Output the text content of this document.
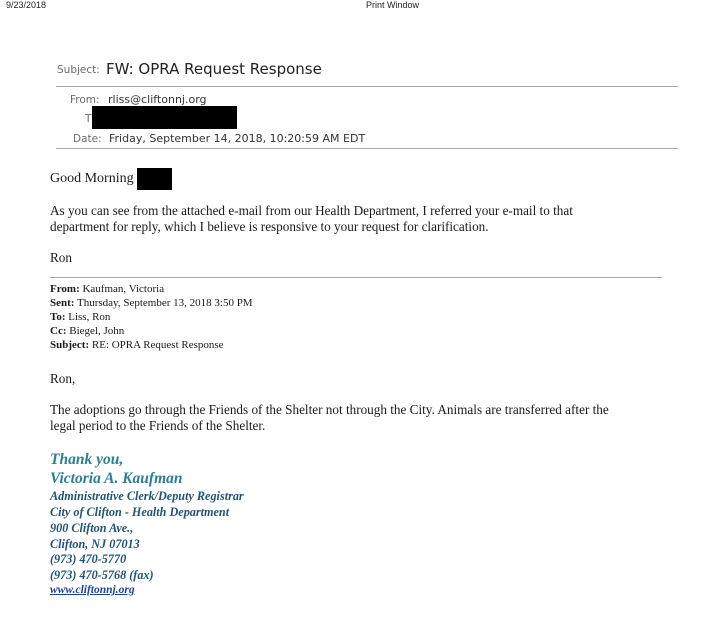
9/23/2018	Print Window
Subject: FW: OPRA Request Response
From: rliss@cliftonnj.org
T
Date: Friday, September 14, 2018, 10:20:59 AM EDT
Good Morning
As you can see from the attached e-mail from our Health Department, I referred your e-mail to that
department for reply, which I believe is responsive to your request for clarification.
Ron
From: Kaufman, Victoria
Sent: Thursday, September 13, 2018 3:50 PM
To: Liss, Ron
Cc: Biegel, John
Subject: RE: OPRA Request Response
Ron,
The adoptions go through the Friends of the Shelter not through the City. Animals are transferred after the
legal period to the Friends of the Shelter.
Thank you,
Victoria A. Kaufman
Administrative Clerk/Deputy Registrar
City of Clifton - Health Department
900 Clifton Ave.,
Clifton, NJ 07013
(973) 470-5770
(973) 470-5768 (fax)
www.cliftonnj.org
